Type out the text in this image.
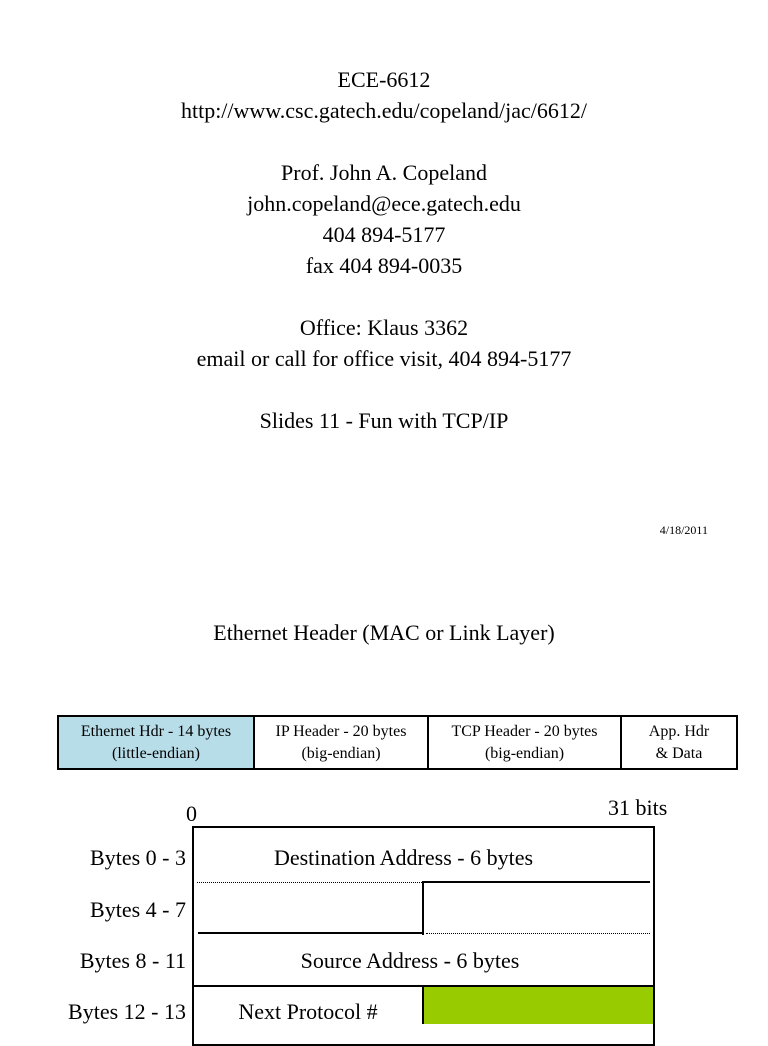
ECE-6612
http://www.csc.gatech.edu/copeland/jac/6612/
Prof. John A. Copeland
john.copeland@ece.gatech.edu
404 894-5177
fax 404 894-0035
Office: Klaus 3362
email or call for office visit, 404 894-5177
Slides 11 - Fun with TCP/IP
4/18/2011
Ethernet Header (MAC or Link Layer)
Ethernet Hdr - 14 bytes
(little-endian)
IP Header - 20 bytes
(big-endian)
TCP Header - 20 bytes
(big-endian)
App. Hdr
& Data
0	31 bits
Bytes 0 - 3
Bytes 4 - 7
Bytes 8 - 11
Bytes 12 - 13
Destination Address - 6 bytes
Source Address - 6 bytes
Next Protocol #
